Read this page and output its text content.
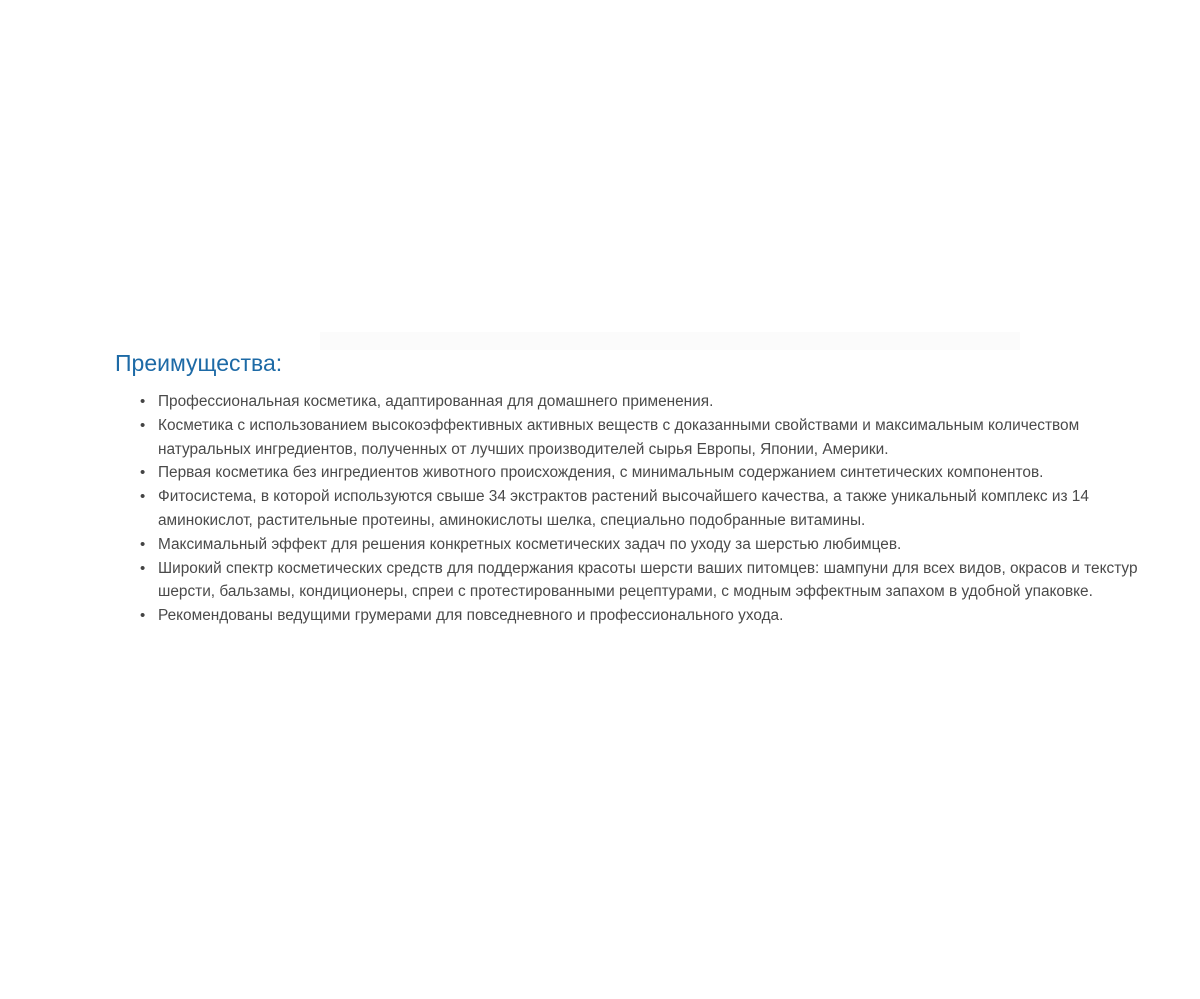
Преимущества:
• Профессиональная косметика, адаптированная для домашнего применения.
• Косметика с использованием высокоэффективных активных веществ с доказанными свойствами и максимальным количеством натуральных ингредиентов, полученных от лучших производителей сырья Европы, Японии, Америки.
• Первая косметика без ингредиентов животного происхождения, с минимальным содержанием синтетических компонентов.
• Фитосистема, в которой используются свыше 34 экстрактов растений высочайшего качества, а также уникальный комплекс из 14 аминокислот, растительные протеины, аминокислоты шелка, специально подобранные витамины.
• Максимальный эффект для решения конкретных косметических задач по уходу за шерстью любимцев.
• Широкий спектр косметических средств для поддержания красоты шерсти ваших питомцев: шампуни для всех видов, окрасов и текстур шерсти, бальзамы, кондиционеры, спреи с протестированными рецептурами, с модным эффектным запахом в удобной упаковке.
• Рекомендованы ведущими грумерами для повседневного и профессионального ухода.
